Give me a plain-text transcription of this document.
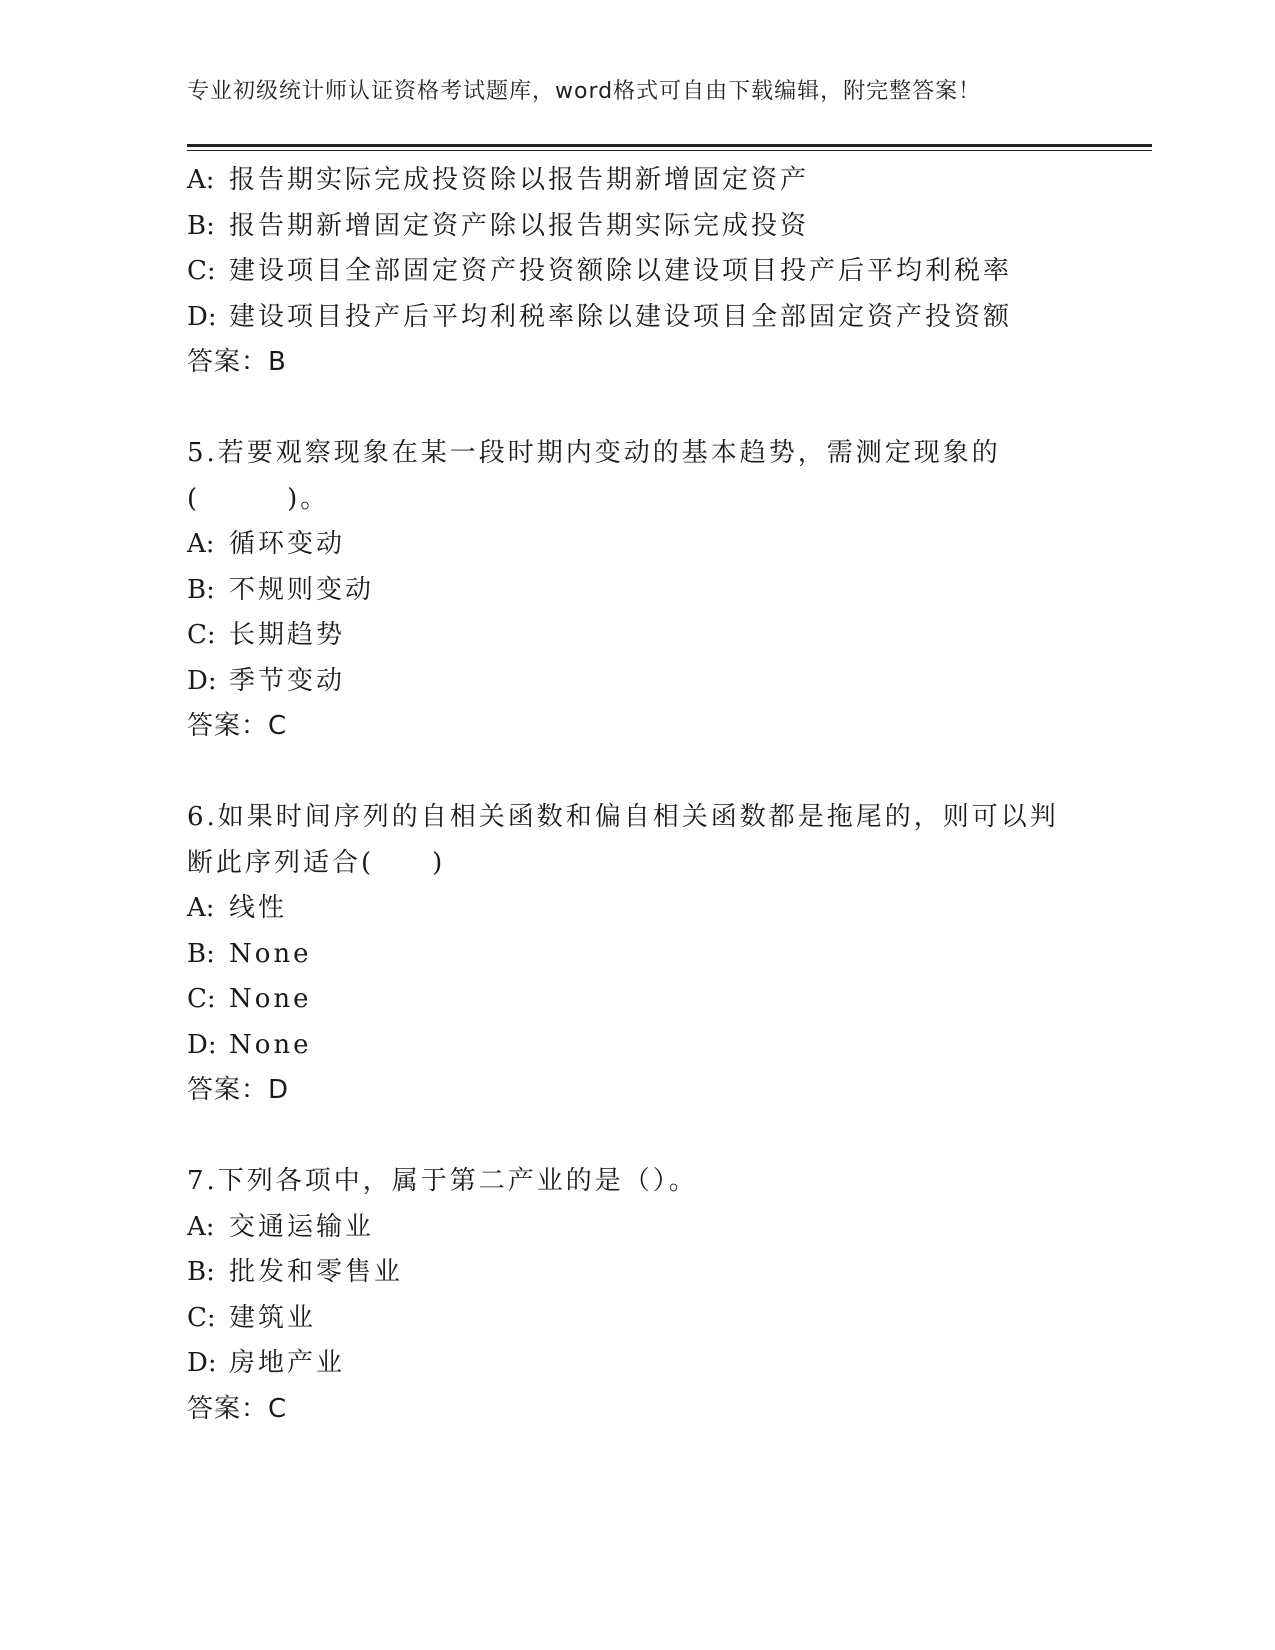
专业初级统计师认证资格考试题库，word格式可自由下载编辑，附完整答案！
A: 报告期实际完成投资除以报告期新增固定资产
B: 报告期新增固定资产除以报告期实际完成投资
C: 建设项目全部固定资产投资额除以建设项目投产后平均利税率
D: 建设项目投产后平均利税率除以建设项目全部固定资产投资额
答案：B
5.若要观察现象在某一段时期内变动的基本趋势，需测定现象的
(　　　)。
A: 循环变动
B: 不规则变动
C: 长期趋势
D: 季节变动
答案：C
6.如果时间序列的自相关函数和偏自相关函数都是拖尾的，则可以判
断此序列适合(　　)
A: 线性
B: None
C: None
D: None
答案：D
7.下列各项中，属于第二产业的是（）。
A: 交通运输业
B: 批发和零售业
C: 建筑业
D: 房地产业
答案：C
